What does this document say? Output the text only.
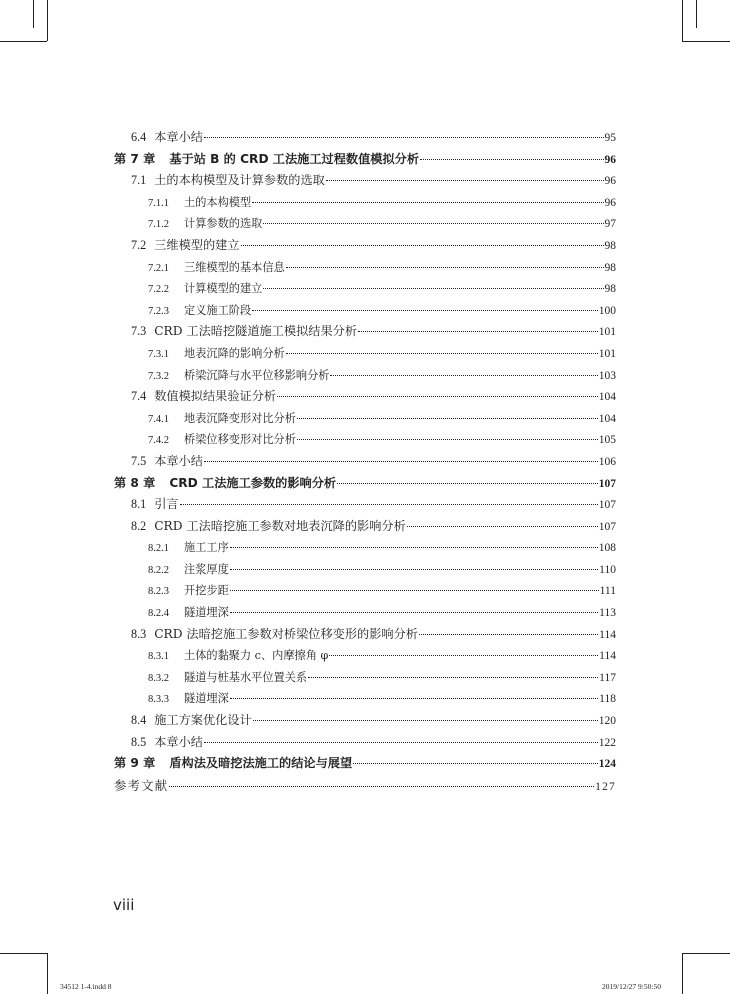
6.4 本章小结	95
第 7 章	基于站 B 的 CRD 工法施工过程数值模拟分析	96
7.1 土的本构模型及计算参数的选取	96
7.1.1	土的本构模型	96
7.1.2	计算参数的选取	97
7.2 三维模型的建立	98
7.2.1	三维模型的基本信息	98
7.2.2	计算模型的建立	98
7.2.3	定义施工阶段	100
7.3 CRD 工法暗挖隧道施工模拟结果分析	101
7.3.1	地表沉降的影响分析	101
7.3.2	桥梁沉降与水平位移影响分析	103
7.4 数值模拟结果验证分析	104
7.4.1	地表沉降变形对比分析	104
7.4.2	桥梁位移变形对比分析	105
7.5 本章小结	106
第 8 章	CRD 工法施工参数的影响分析	107
8.1 引言	107
8.2 CRD 工法暗挖施工参数对地表沉降的影响分析	107
8.2.1	施工工序	108
8.2.2	注浆厚度	110
8.2.3	开挖步距	111
8.2.4	隧道埋深	113
8.3 CRD 法暗挖施工参数对桥梁位移变形的影响分析	114
8.3.1	土体的黏聚力 c、内摩擦角 φ	114
8.3.2	隧道与桩基水平位置关系	117
8.3.3	隧道埋深	118
8.4 施工方案优化设计	120
8.5 本章小结	122
第 9 章	盾构法及暗挖法施工的结论与展望	124
参考文献	127
viii
34512 1-4.indd 8	2019/12/27 9:50:50
